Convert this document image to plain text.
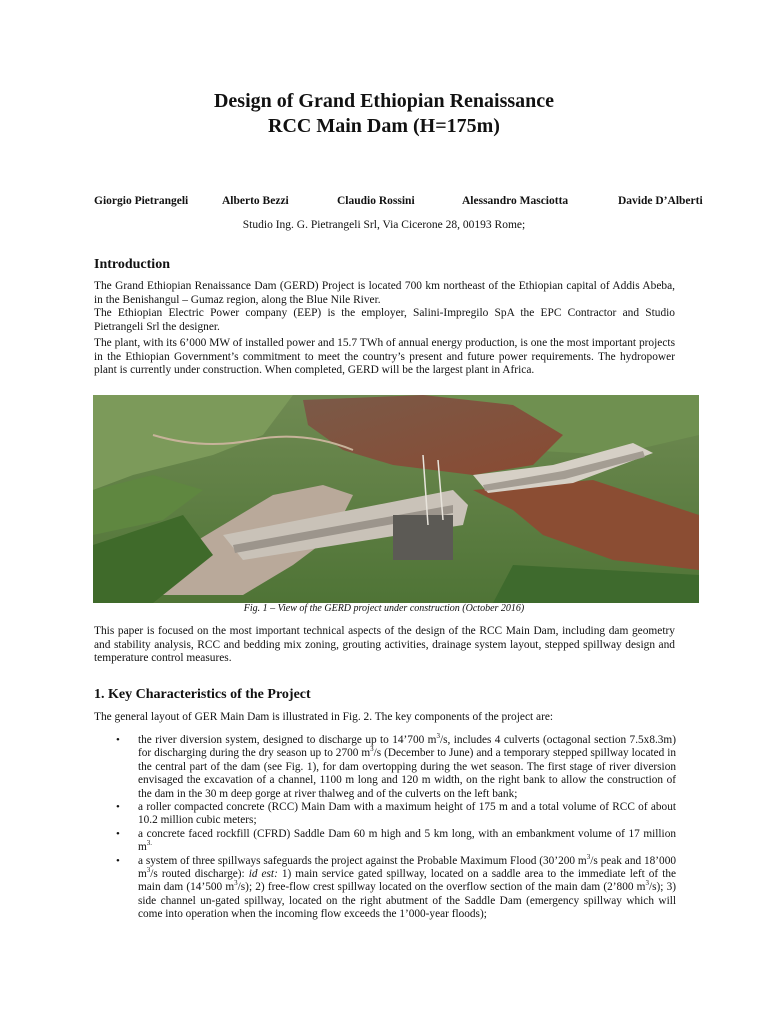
Design of Grand Ethiopian Renaissance
RCC Main Dam (H=175m)
Giorgio Pietrangeli	Alberto Bezzi	Claudio Rossini	Alessandro Masciotta	Davide D’Alberti
Studio Ing. G. Pietrangeli Srl, Via Cicerone 28, 00193 Rome;
Introduction
The Grand Ethiopian Renaissance Dam (GERD) Project is located 700 km northeast of the Ethiopian capital of Addis Abeba, in the Benishangul – Gumaz region, along the Blue Nile River.
The Ethiopian Electric Power company (EEP) is the employer, Salini-Impregilo SpA the EPC Contractor and Studio Pietrangeli Srl the designer.
The plant, with its 6’000 MW of installed power and 15.7 TWh of annual energy production, is one the most important projects in the Ethiopian Government’s commitment to meet the country’s present and future power requirements. The hydropower plant is currently under construction. When completed, GERD will be the largest plant in Africa.
Fig. 1 – View of the GERD project under construction (October 2016)
This paper is focused on the most important technical aspects of the design of the RCC Main Dam, including dam geometry and stability analysis, RCC and bedding mix zoning, grouting activities, drainage system layout, stepped spillway design and temperature control measures.
1. Key Characteristics of the Project
The general layout of GER Main Dam is illustrated in Fig. 2. The key components of the project are:
• the river diversion system, designed to discharge up to 14’700 $m^3/s$, includes 4 culverts (octagonal section 7.5x8.3m) for discharging during the dry season up to 2700 $m^3/s$ (December to June) and a temporary stepped spillway located in the central part of the dam (see Fig. 1), for dam overtopping during the wet season. The first stage of river diversion envisaged the excavation of a channel, 1100 m long and 120 m width, on the right bank to allow the construction of the dam in the 30 m deep gorge at river thalweg and of the culverts on the left bank;
• a roller compacted concrete (RCC) Main Dam with a maximum height of 175 m and a total volume of RCC of about 10.2 million cubic meters;
• a concrete faced rockfill (CFRD) Saddle Dam 60 m high and 5 km long, with an embankment volume of 17 million $m^{3.}$
• a system of three spillways safeguards the project against the Probable Maximum Flood (30’200 $m^3/s$ peak and 18’000 $m^3/s$ routed discharge): id est: 1) main service gated spillway, located on a saddle area to the immediate left of the main dam (14’500 $m^3/s$); 2) free-flow crest spillway located on the overflow section of the main dam (2’800 $m^3/s$); 3) side channel un-gated spillway, located on the right abutment of the Saddle Dam (emergency spillway which will come into operation when the incoming flow exceeds the 1’000-year floods);
